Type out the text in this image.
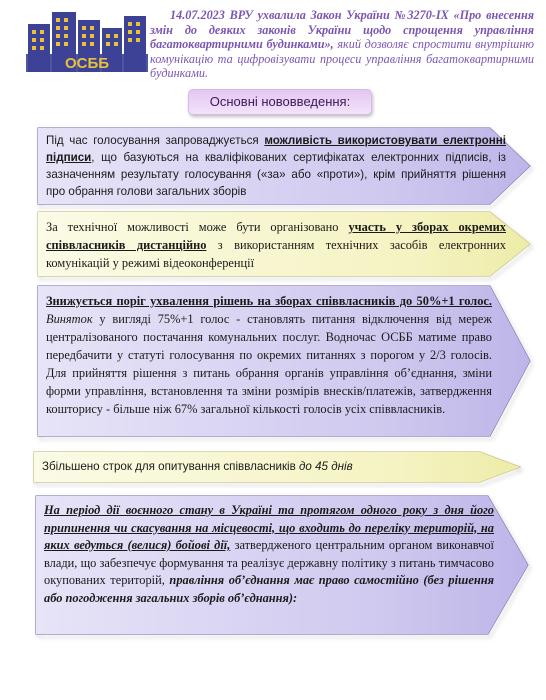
ОСББ
14.07.2023 ВРУ ухвалила Закон України №3270-ІХ «Про внесення змін до деяких законів України щодо спрощення управління багатоквартирними будинками», який дозволяє спростити внутрішню комунікацію та цифровізувати процеси управління багатоквартирними будинками.
Основні нововведення:
Під час голосування запроваджується можливість використовувати електронні підписи, що базуються на кваліфікованих сертифікатах електронних підписів, із зазначенням результату голосування («за» або «проти»), крім прийняття рішення про обрання голови загальних зборів
За технічної можливості може бути організовано участь у зборах окремих співвласників дистанційно з використанням технічних засобів електронних комунікацій у режимі відеоконференції
Знижується поріг ухвалення рішень на зборах співвласників до 50%+1 голос. Виняток у вигляді 75%+1 голос - становлять питання відключення від мереж централізованого постачання комунальних послуг. Водночас ОСББ матиме право передбачити у статуті голосування по окремих питаннях з порогом у 2/3 голосів. Для прийняття рішення з питань обрання органів управління об’єднання, зміни форми управління, встановлення та зміни розмірів внесків/платежів, затвердження кошторису - більше ніж 67% загальної кількості голосів усіх співвласників.
Збільшено строк для опитування співвласників до 45 днів
На період дії воєнного стану в Україні та протягом одного року з дня його припинення чи скасування на місцевості, що входить до переліку територій, на яких ведуться (велися) бойові дії, затвердженого центральним органом виконавчої влади, що забезпечує формування та реалізує державну політику з питань тимчасово окупованих територій, правління об’єднання має право самостійно (без рішення або погодження загальних зборів об’єднання):
